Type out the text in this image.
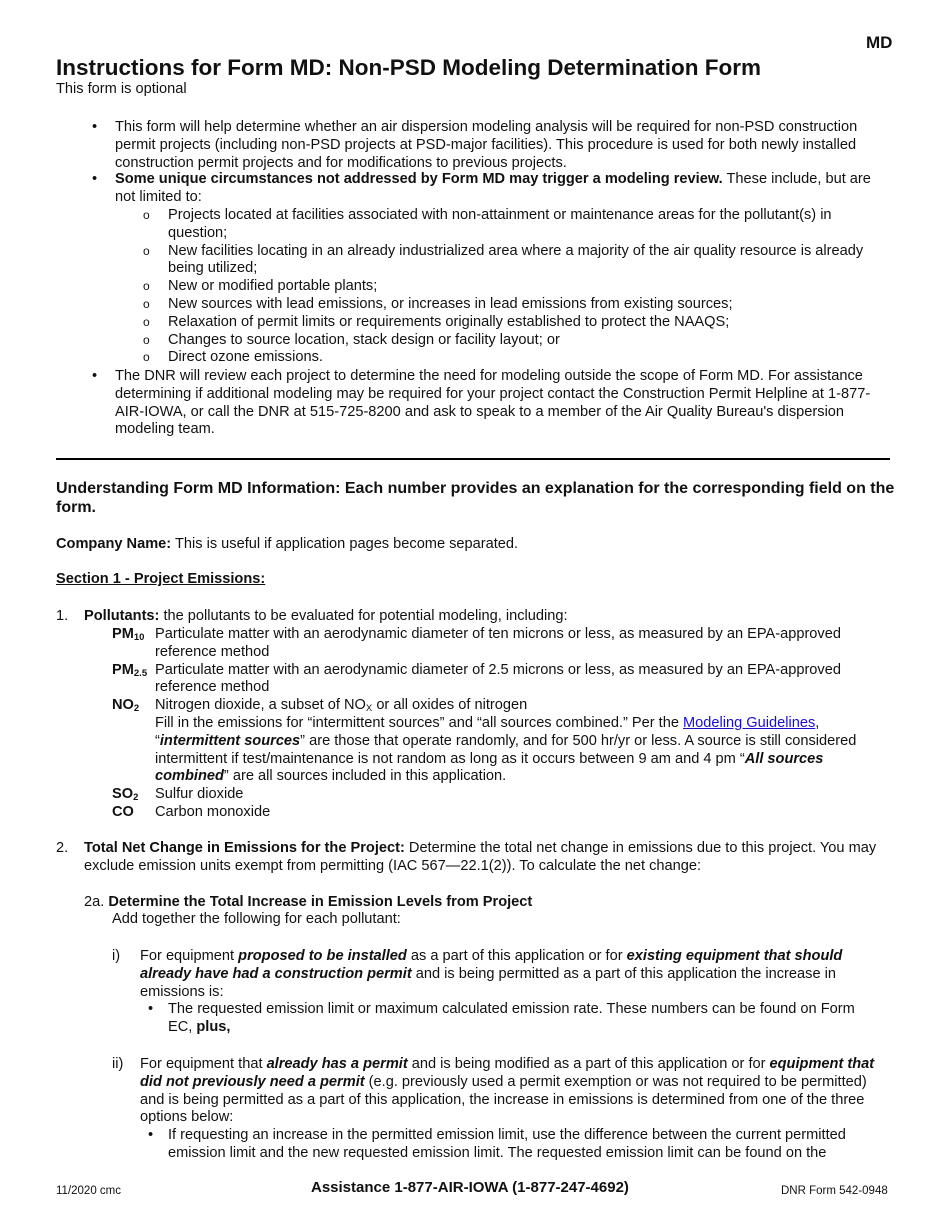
MD
Instructions for Form MD: Non-PSD Modeling Determination Form
This form is optional
• This form will help determine whether an air dispersion modeling analysis will be required for non-PSD construction permit projects (including non-PSD projects at PSD-major facilities). This procedure is used for both newly installed construction permit projects and for modifications to previous projects.
• Some unique circumstances not addressed by Form MD may trigger a modeling review. These include, but are not limited to:
o Projects located at facilities associated with non-attainment or maintenance areas for the pollutant(s) in question;
o New facilities locating in an already industrialized area where a majority of the air quality resource is already being utilized;
o New or modified portable plants;
o New sources with lead emissions, or increases in lead emissions from existing sources;
o Relaxation of permit limits or requirements originally established to protect the NAAQS;
o Changes to source location, stack design or facility layout; or
o Direct ozone emissions.
• The DNR will review each project to determine the need for modeling outside the scope of Form MD. For assistance determining if additional modeling may be required for your project contact the Construction Permit Helpline at 1-877-AIR-IOWA, or call the DNR at 515-725-8200 and ask to speak to a member of the Air Quality Bureau's dispersion modeling team.
Understanding Form MD Information: Each number provides an explanation for the corresponding field on the form.
Company Name: This is useful if application pages become separated.
Section 1 - Project Emissions:
1. Pollutants: the pollutants to be evaluated for potential modeling, including:
$PM_{10}$ Particulate matter with an aerodynamic diameter of ten microns or less, as measured by an EPA-approved reference method
$PM_{2.5}$ Particulate matter with an aerodynamic diameter of 2.5 microns or less, as measured by an EPA-approved reference method
$NO_2$ Nitrogen dioxide, a subset of $NO_X$ or all oxides of nitrogen
Fill in the emissions for “intermittent sources” and “all sources combined.” Per the Modeling Guidelines, “intermittent sources” are those that operate randomly, and for 500 hr/yr or less. A source is still considered intermittent if test/maintenance is not random as long as it occurs between 9 am and 4 pm “All sources combined” are all sources included in this application.
$SO_2$ Sulfur dioxide
CO Carbon monoxide
2. Total Net Change in Emissions for the Project: Determine the total net change in emissions due to this project. You may exclude emission units exempt from permitting (IAC 567—22.1(2)). To calculate the net change:
2a. Determine the Total Increase in Emission Levels from Project
Add together the following for each pollutant:
i) For equipment proposed to be installed as a part of this application or for existing equipment that should already have had a construction permit and is being permitted as a part of this application the increase in emissions is:
• The requested emission limit or maximum calculated emission rate. These numbers can be found on Form EC, plus,
ii) For equipment that already has a permit and is being modified as a part of this application or for equipment that did not previously need a permit (e.g. previously used a permit exemption or was not required to be permitted) and is being permitted as a part of this application, the increase in emissions is determined from one of the three options below:
• If requesting an increase in the permitted emission limit, use the difference between the current permitted emission limit and the new requested emission limit. The requested emission limit can be found on the
11/2020 cmc	Assistance 1-877-AIR-IOWA (1-877-247-4692)	DNR Form 542-0948
